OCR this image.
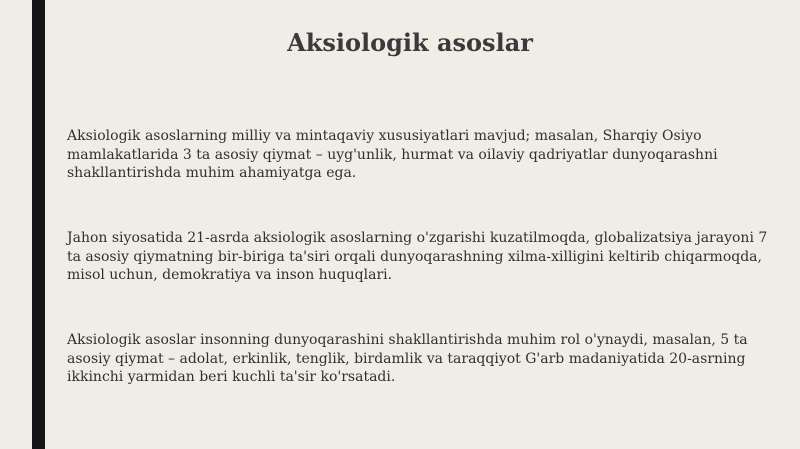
Aksiologik asoslar

Aksiologik asoslarning milliy va mintaqaviy xususiyatlari mavjud; masalan, Sharqiy Osiyo mamlakatlarida 3 ta asosiy qiymat – uyg'unlik, hurmat va oilaviy qadriyatlar dunyoqarashni shakllantirishda muhim ahamiyatga ega.

Jahon siyosatida 21-asrda aksiologik asoslarning o'zgarishi kuzatilmoqda, globalizatsiya jarayoni 7 ta asosiy qiymatning bir-biriga ta'siri orqali dunyoqarashning xilma-xilligini keltirib chiqarmoqda, misol uchun, demokratiya va inson huquqlari.

Aksiologik asoslar insonning dunyoqarashini shakllantirishda muhim rol o'ynaydi, masalan, 5 ta asosiy qiymat – adolat, erkinlik, tenglik, birdamlik va taraqqiyot G'arb madaniyatida 20-asrning ikkinchi yarmidan beri kuchli ta'sir ko'rsatadi.
